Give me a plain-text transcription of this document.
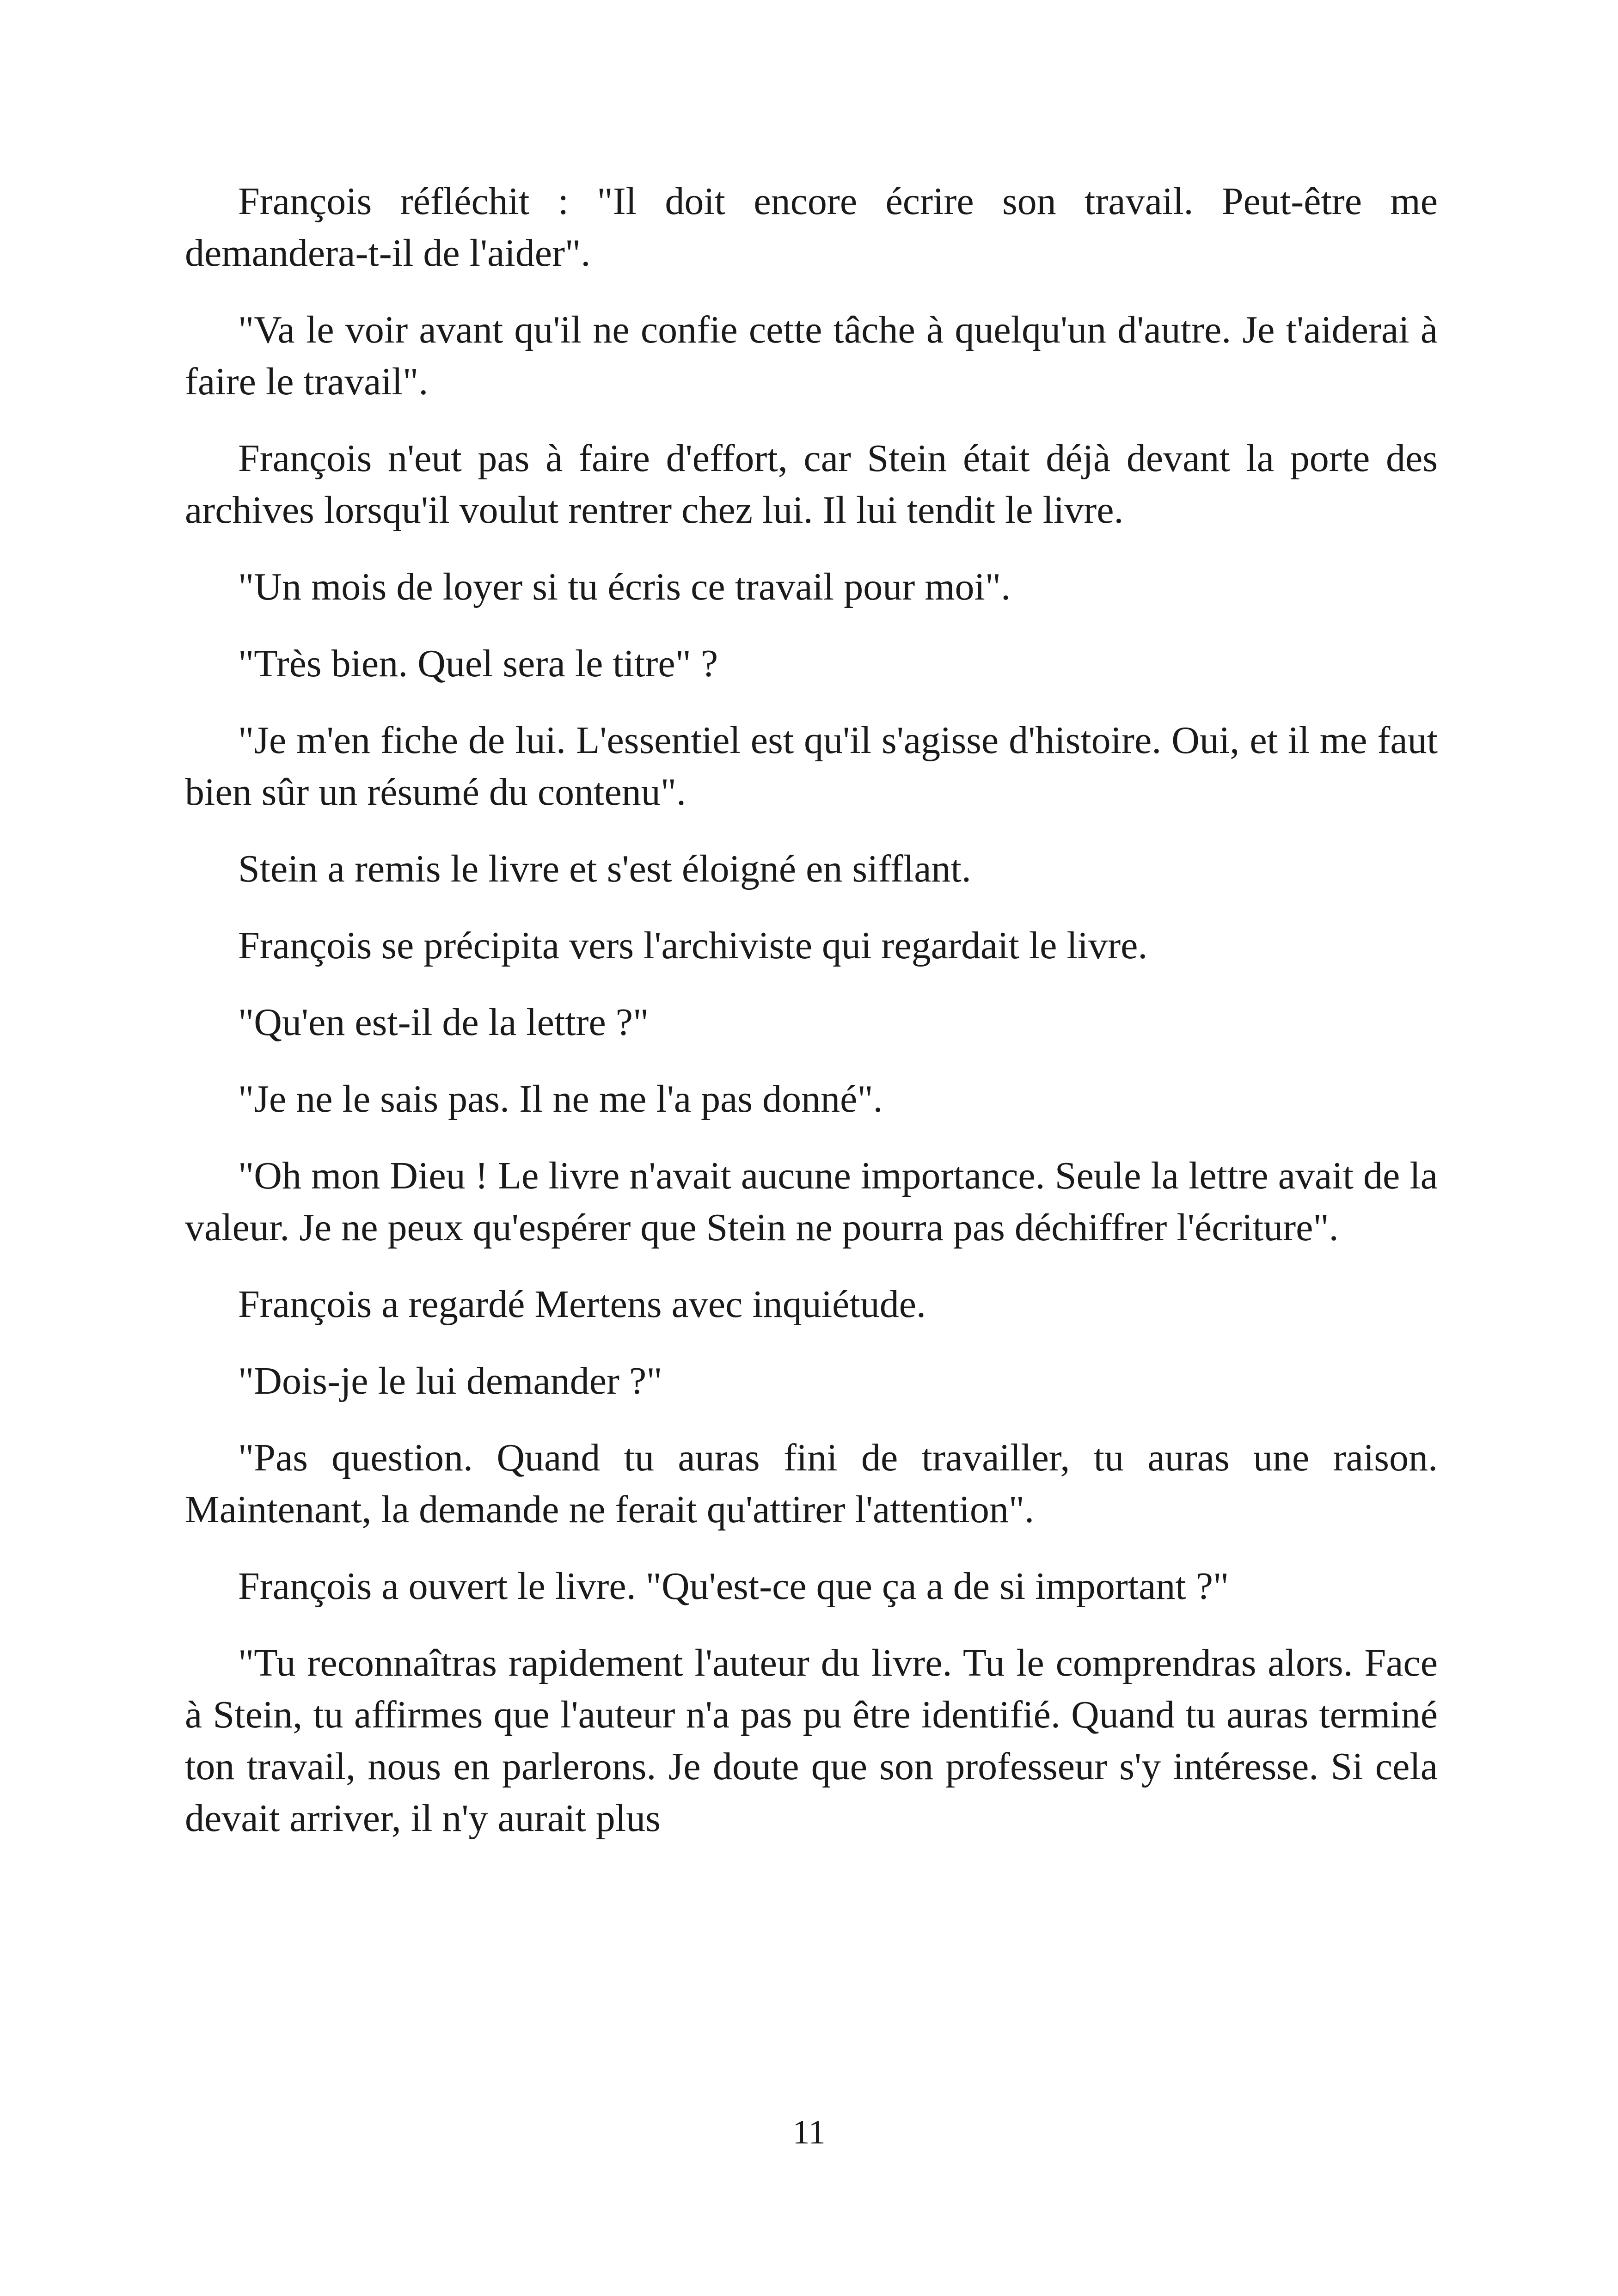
François réfléchit : "Il doit encore écrire son travail. Peut-être me demandera-t-il de l'aider".

"Va le voir avant qu'il ne confie cette tâche à quelqu'un d'autre. Je t'aiderai à faire le travail".

François n'eut pas à faire d'effort, car Stein était déjà devant la porte des archives lorsqu'il voulut rentrer chez lui. Il lui tendit le livre.

"Un mois de loyer si tu écris ce travail pour moi".

"Très bien. Quel sera le titre" ?

"Je m'en fiche de lui. L'essentiel est qu'il s'agisse d'histoire. Oui, et il me faut bien sûr un résumé du contenu".

Stein a remis le livre et s'est éloigné en sifflant.

François se précipita vers l'archiviste qui regardait le livre.

"Qu'en est-il de la lettre ?"

"Je ne le sais pas. Il ne me l'a pas donné".

"Oh mon Dieu ! Le livre n'avait aucune importance. Seule la lettre avait de la valeur. Je ne peux qu'espérer que Stein ne pourra pas déchiffrer l'écriture".

François a regardé Mertens avec inquiétude.

"Dois-je le lui demander ?"

"Pas question. Quand tu auras fini de travailler, tu auras une raison. Maintenant, la demande ne ferait qu'attirer l'attention".

François a ouvert le livre. "Qu'est-ce que ça a de si important ?"

"Tu reconnaîtras rapidement l'auteur du livre. Tu le comprendras alors. Face à Stein, tu affirmes que l'auteur n'a pas pu être identifié. Quand tu auras terminé ton travail, nous en parlerons. Je doute que son professeur s'y intéresse. Si cela devait arriver, il n'y aurait plus

11
